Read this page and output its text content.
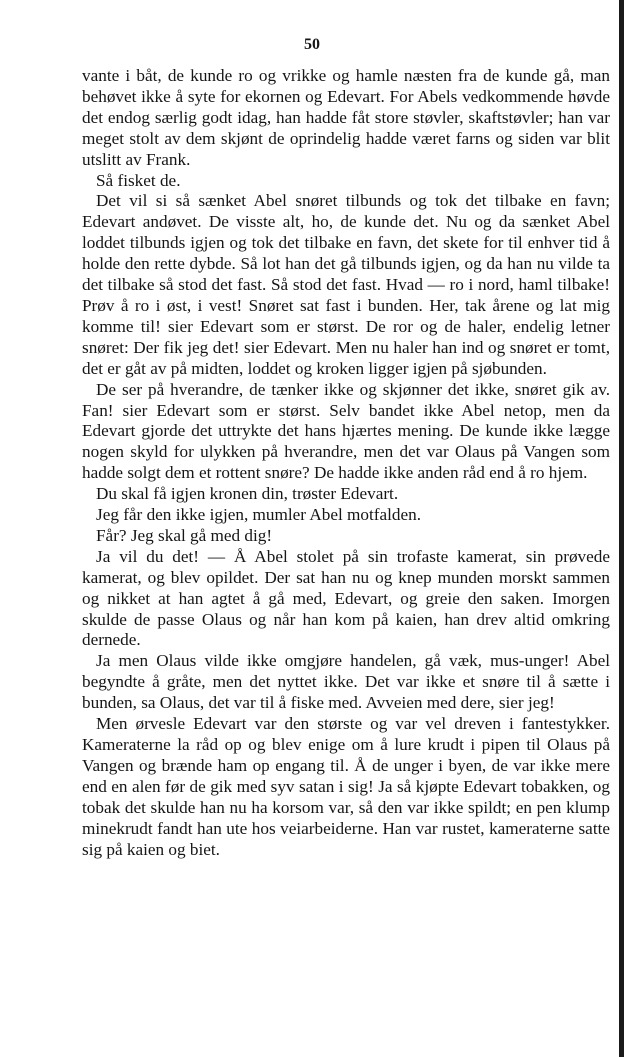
50

vante i båt, de kunde ro og vrikke og hamle næsten fra de kunde gå, man behøvet ikke å syte for ekornen og Edevart. For Abels vedkommende høvde det endog særlig godt idag, han hadde fåt store støvler, skaftstøvler; han var meget stolt av dem skjønt de oprindelig hadde været farns og siden var blit utslitt av Frank.

Så fisket de.

Det vil si så sænket Abel snøret tilbunds og tok det tilbake en favn; Edevart andøvet. De visste alt, ho, de kunde det. Nu og da sænket Abel loddet tilbunds igjen og tok det tilbake en favn, det skete for til enhver tid å holde den rette dybde. Så lot han det gå tilbunds igjen, og da han nu vilde ta det tilbake så stod det fast. Så stod det fast. Hvad — ro i nord, haml tilbake! Prøv å ro i øst, i vest! Snøret sat fast i bunden. Her, tak årene og lat mig komme til! sier Edevart som er størst. De ror og de haler, endelig letner snøret: Der fik jeg det! sier Edevart. Men nu haler han ind og snøret er tomt, det er gåt av på midten, loddet og kroken ligger igjen på sjøbunden.

De ser på hverandre, de tænker ikke og skjønner det ikke, snøret gik av. Fan! sier Edevart som er størst. Selv bandet ikke Abel netop, men da Edevart gjorde det uttrykte det hans hjærtes mening. De kunde ikke lægge nogen skyld for ulykken på hverandre, men det var Olaus på Vangen som hadde solgt dem et rottent snøre? De hadde ikke anden råd end å ro hjem.

Du skal få igjen kronen din, trøster Edevart.

Jeg får den ikke igjen, mumler Abel motfalden.

Får? Jeg skal gå med dig!

Ja vil du det! — Å Abel stolet på sin trofaste kamerat, sin prøvede kamerat, og blev opildet. Der sat han nu og knep munden morskt sammen og nikket at han agtet å gå med, Edevart, og greie den saken. Imorgen skulde de passe Olaus og når han kom på kaien, han drev altid omkring dernede.

Ja men Olaus vilde ikke omgjøre handelen, gå væk, mus-unger! Abel begyndte å gråte, men det nyttet ikke. Det var ikke et snøre til å sætte i bunden, sa Olaus, det var til å fiske med. Avveien med dere, sier jeg!

Men ørvesle Edevart var den største og var vel dreven i fantestykker. Kameraterne la råd op og blev enige om å lure krudt i pipen til Olaus på Vangen og brænde ham op engang til. Å de unger i byen, de var ikke mere end en alen før de gik med syv satan i sig! Ja så kjøpte Edevart tobakken, og tobak det skulde han nu ha korsom var, så den var ikke spildt; en pen klump minekrudt fandt han ute hos veiarbeiderne. Han var rustet, kameraterne satte sig på kaien og biet.
